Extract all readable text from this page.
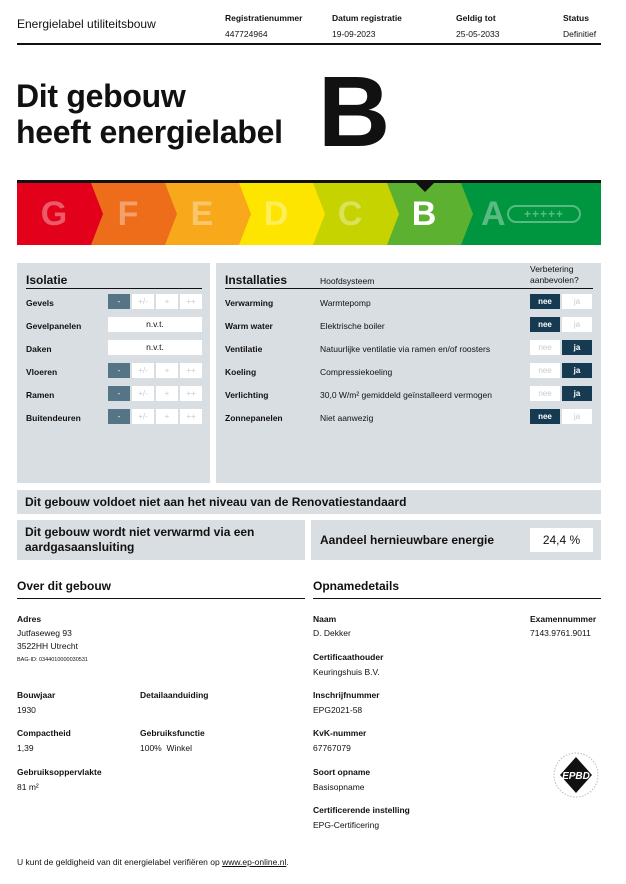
Energielabel utiliteitsbouw	Registratienummer
447724964
Datum registratie
19-09-2023
Geldig tot
25-05-2033
Status
Definitief
Dit gebouw
heeft energielabel B
G F E D C B A	+++++
Isolatie
Gevels	-	+/-	+	++
Gevelpanelen	n.v.t.
Daken	n.v.t.
Vloeren	-	+/-	+	++
Ramen	-	+/-	+	++
Buitendeuren	-	+/-	+	++
Installaties	Hoofdsysteem
Verbetering
aanbevolen?
Verwarming	Warmtepomp	nee	ja
Warm water	Elektrische boiler	nee	ja
Ventilatie	Natuurlijke ventilatie via ramen en/of roosters	nee	ja
Koeling	Compressiekoeling	nee	ja
Verlichting	30,0 W/m² gemiddeld geïnstalleerd vermogen	nee	ja
Zonnepanelen	Niet aanwezig	nee	ja
Dit gebouw voldoet niet aan het niveau van de Renovatiestandaard
Dit gebouw wordt niet verwarmd via een
aardgasaansluiting	Aandeel hernieuwbare energie	24,4 %
Over dit gebouw
Adres
Jutfaseweg 93
3522HH Utrecht
BAG-ID: 0344010000030531
Bouwjaar
1930
Detailaanduiding
Compactheid
1,39
Gebruiksfunctie
100% Winkel
Gebruiksoppervlakte
81 m²
Opnamedetails
Naam
D. Dekker
Examennummer
7143.9761.9011
Certificaathouder
Keuringshuis B.V.
Inschrijfnummer
EPG2021-58
KvK-nummer
67767079
Soort opname
Basisopname
Certificerende instelling
EPG-Certificering
EPBD
U kunt de geldigheid van dit energielabel verifiëren op www.ep-online.nl.
